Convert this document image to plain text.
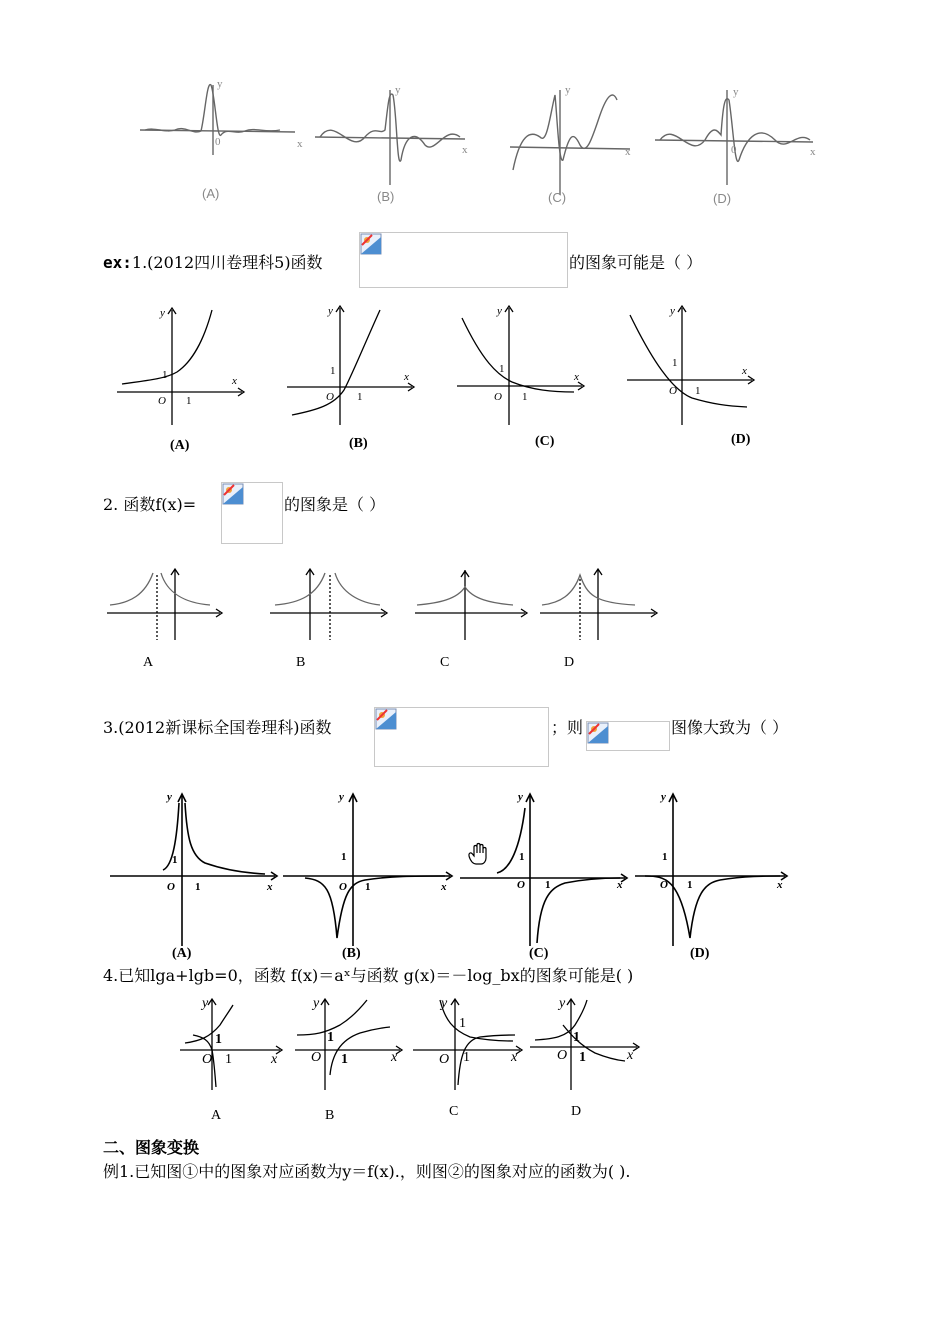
x
y
0
x
y
x
y
x
y
0
(A)	(B)	(C)	(D)
ex:1.(2012四川卷理科5)函数	的图象可能是（ ）
y
x
O
1
1
y
x
O
1
1
y
x
O
1
1
y
x
O
1
1
(A)	(B)	(C)	(D)
2. 函数f(x)=	的图象是（ ）
A	B	C	D
3.(2012新课标全国卷理科)函数	；则	图像大致为（ ）
y
x
O
1
1
y
x
O
1
1
y
x
O
1
1
y
x
O
1
1
(A)	(B)	(C)	(D)
4.已知lga+lgb=0，函数 f(x)＝aˣ与函数 g(x)＝－log_bx的图象可能是( )
y
x
O
1
1
y
x
O
1
1
y
x
O
1
1
y
x
O
1
1
A	B	C	D
二、图象变换
例1.已知图①中的图象对应函数为y＝f(x).，则图②的图象对应的函数为( ).
